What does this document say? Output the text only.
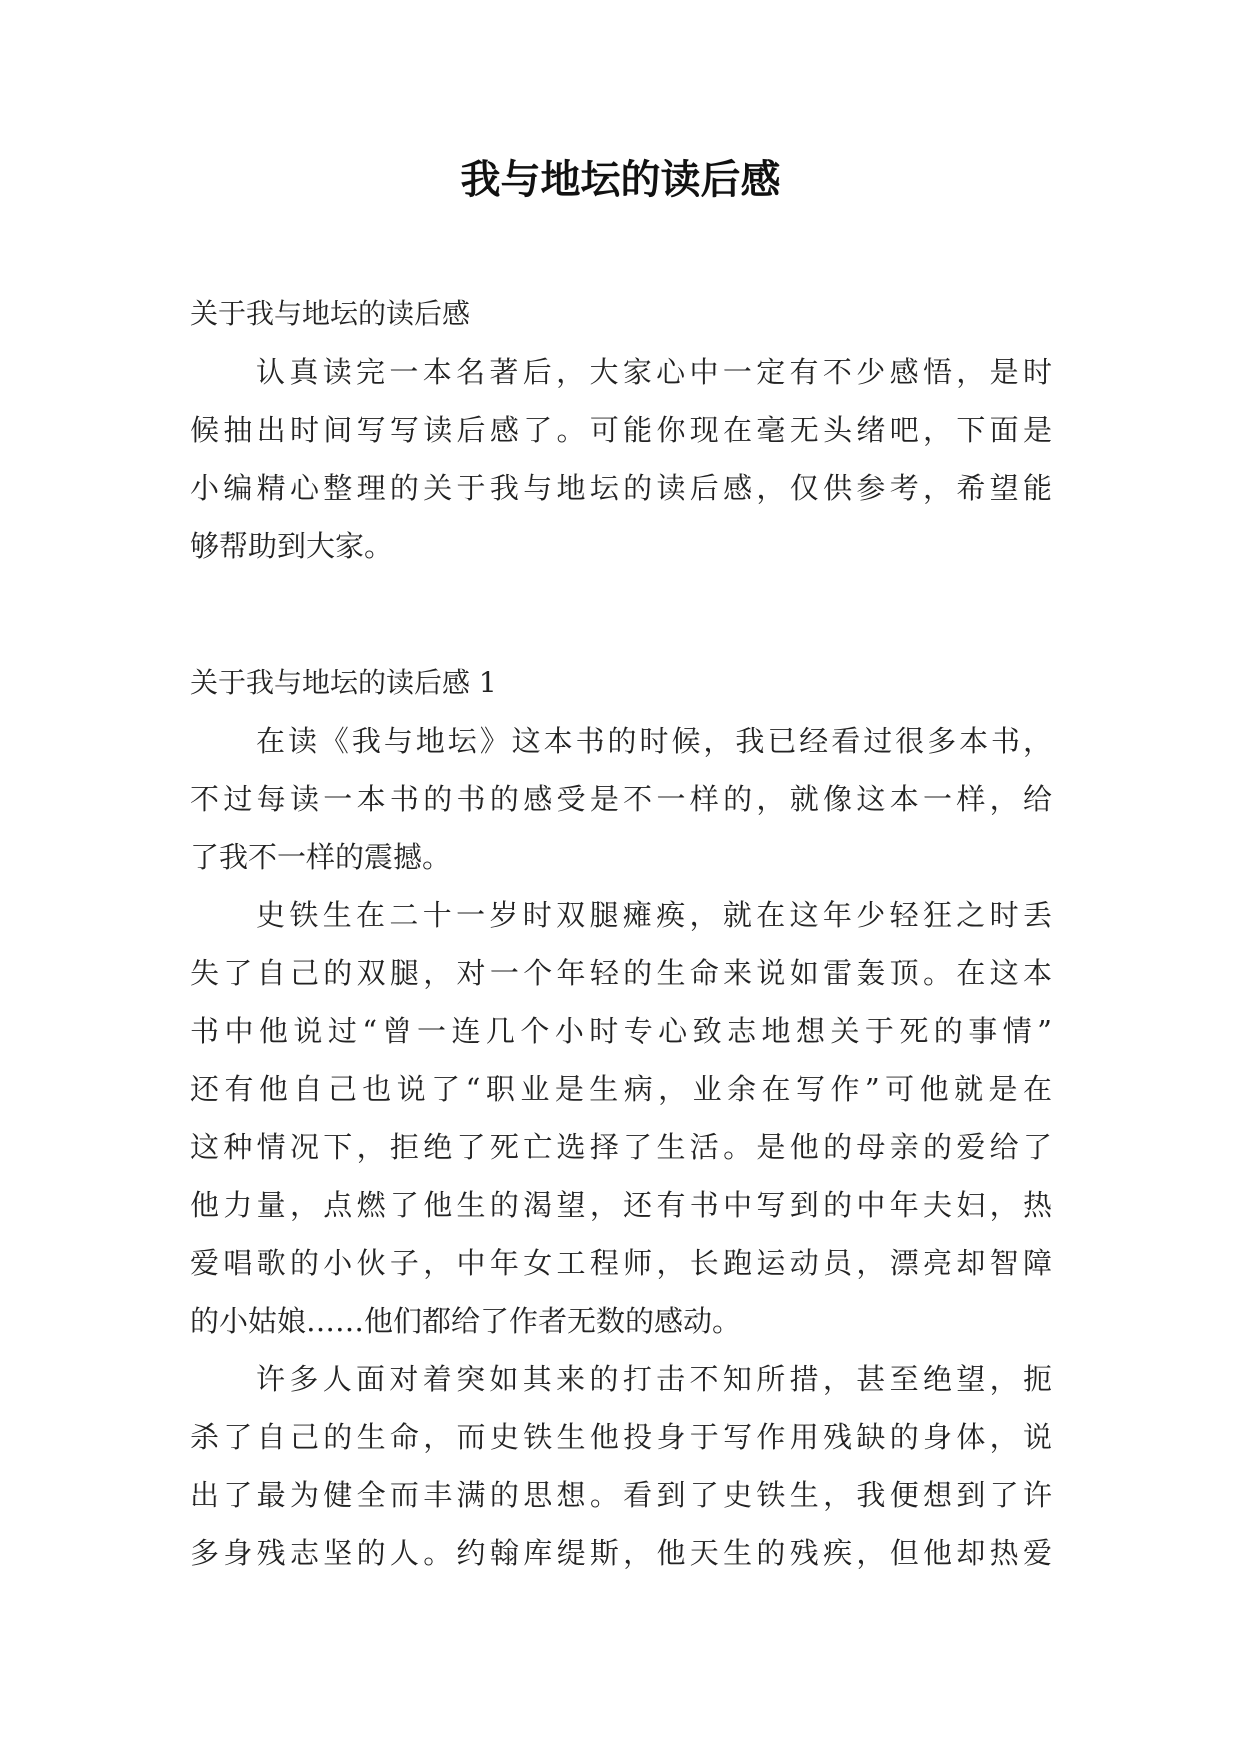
我与地坛的读后感
关于我与地坛的读后感
认真读完一本名著后，大家心中一定有不少感悟，是时
候抽出时间写写读后感了。可能你现在毫无头绪吧，下面是
小编精心整理的关于我与地坛的读后感，仅供参考，希望能
够帮助到大家。
关于我与地坛的读后感 1
在读《我与地坛》这本书的时候，我已经看过很多本书，
不过每读一本书的书的感受是不一样的，就像这本一样，给
了我不一样的震撼。
史铁生在二十一岁时双腿瘫痪，就在这年少轻狂之时丢
失了自己的双腿，对一个年轻的生命来说如雷轰顶。在这本
书中他说过“曾一连几个小时专心致志地想关于死的事情”
还有他自己也说了“职业是生病，业余在写作”可他就是在
这种情况下，拒绝了死亡选择了生活。是他的母亲的爱给了
他力量，点燃了他生的渴望，还有书中写到的中年夫妇，热
爱唱歌的小伙子，中年女工程师，长跑运动员，漂亮却智障
的小姑娘……他们都给了作者无数的感动。
许多人面对着突如其来的打击不知所措，甚至绝望，扼
杀了自己的生命，而史铁生他投身于写作用残缺的身体，说
出了最为健全而丰满的思想。看到了史铁生，我便想到了许
多身残志坚的人。约翰库缇斯，他天生的残疾，但他却热爱
